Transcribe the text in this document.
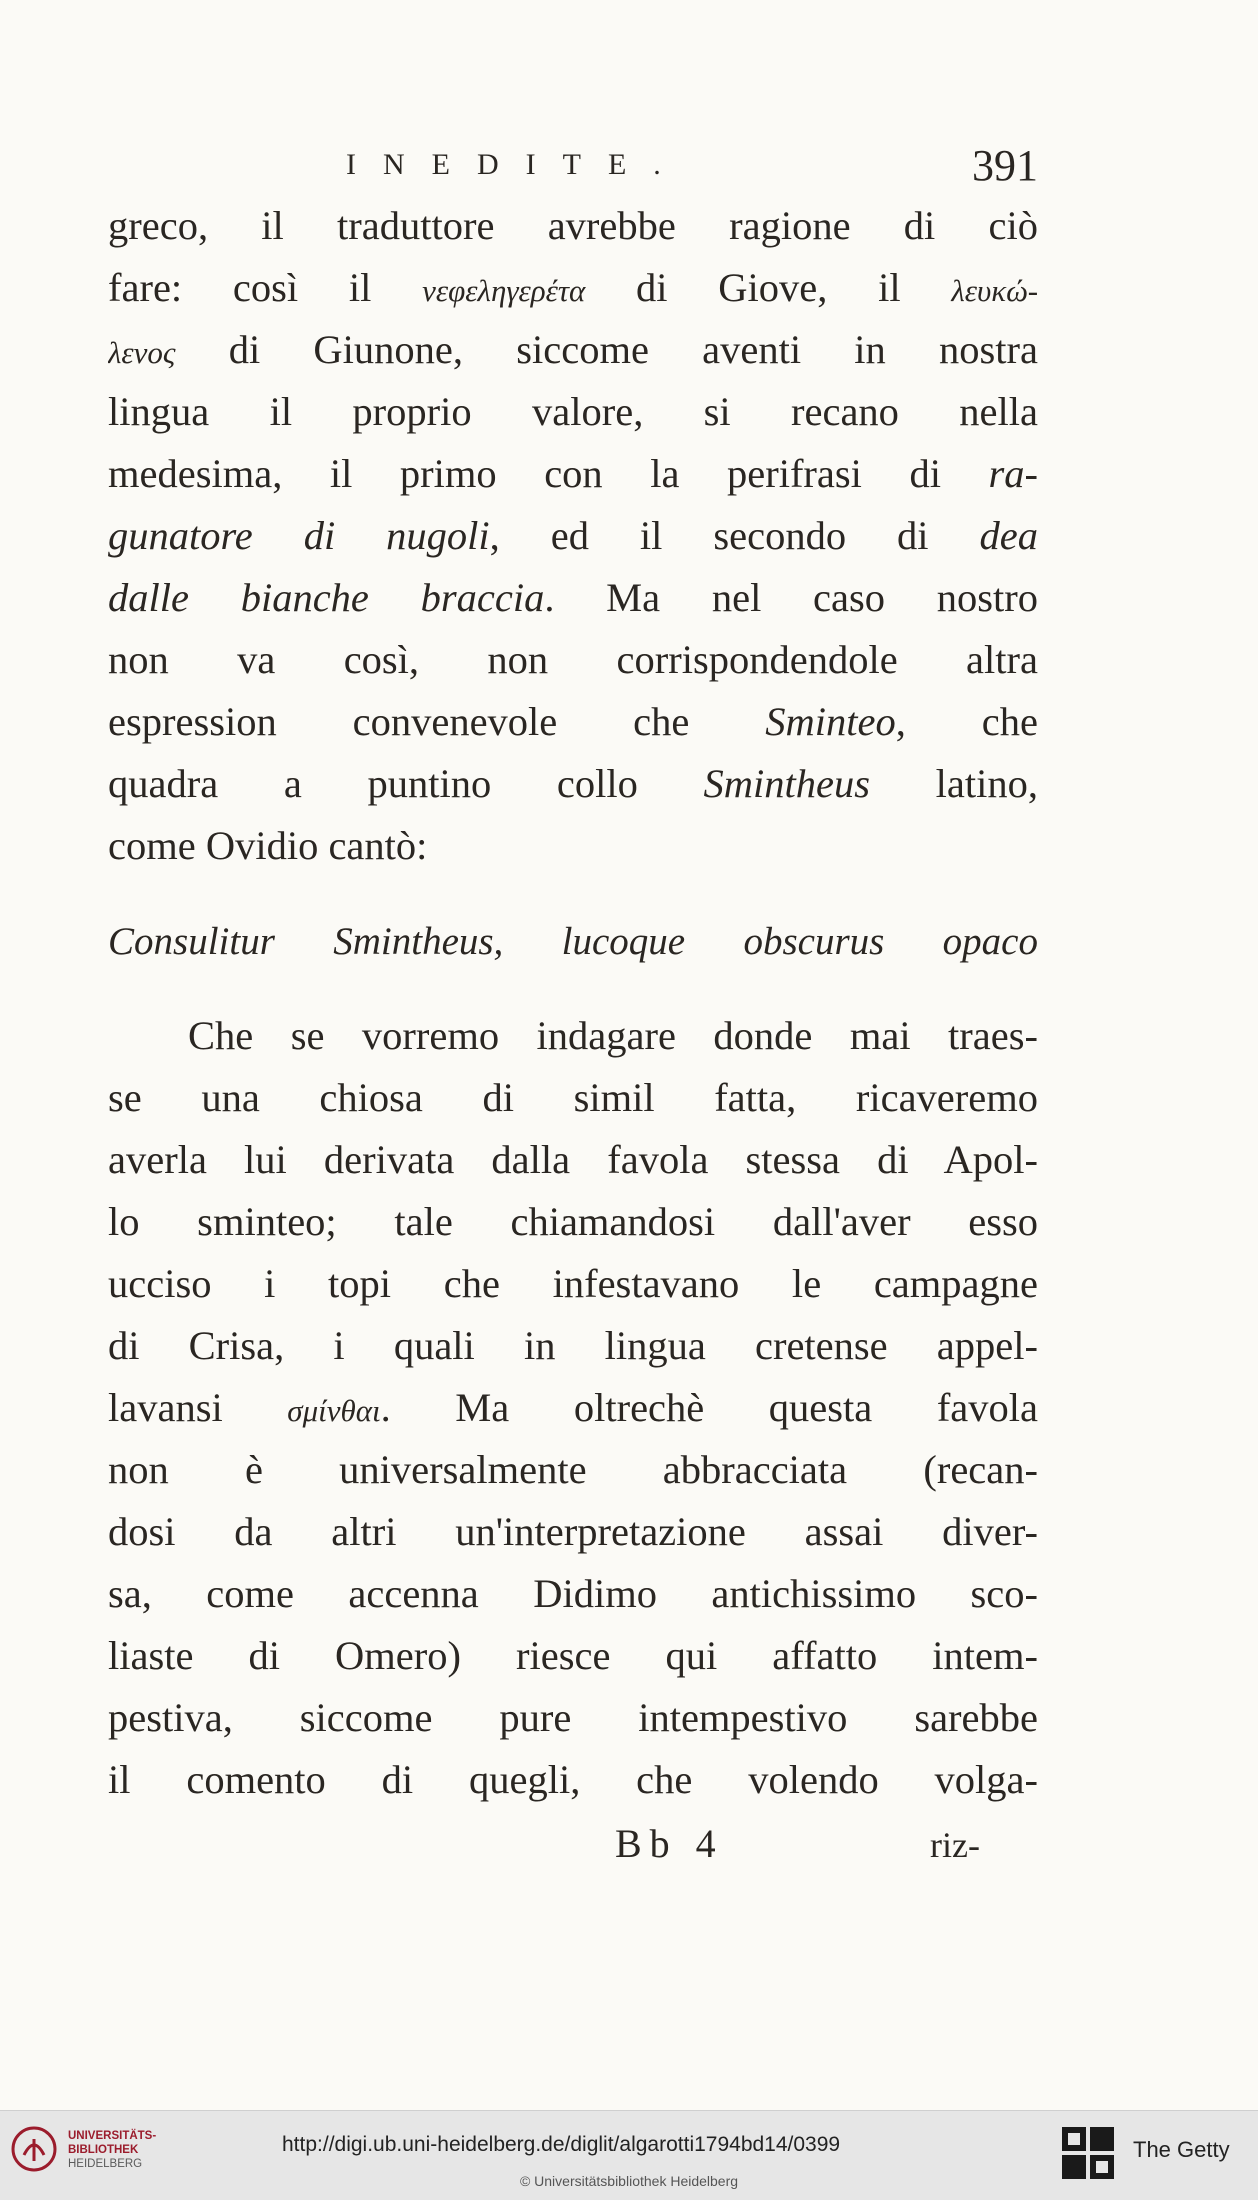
INEDITE.	391
greco, il traduttore avrebbe ragione di ciò
fare: così il νεφεληγερέτα di Giove, il λευκώ-
λενος di Giunone, siccome aventi in nostra
lingua il proprio valore, si recano nella
medesima, il primo con la perifrasi di ra-
gunatore di nugoli, ed il secondo di dea
dalle bianche braccia. Ma nel caso nostro
non va così, non corrispondendole altra
espression convenevole che Sminteo, che
quadra a puntino collo Smintheus latino,
come Ovidio cantò:
Consulitur Smintheus, lucoque obscurus opaco
Che se vorremo indagare donde mai traes-
se una chiosa di simil fatta, ricaveremo
averla lui derivata dalla favola stessa di Apol-
lo sminteo; tale chiamandosi dall'aver esso
ucciso i topi che infestavano le campagne
di Crisa, i quali in lingua cretense appel-
lavansi σμίνθαι. Ma oltrechè questa favola
non è universalmente abbracciata (recan-
dosi da altri un'interpretazione assai diver-
sa, come accenna Didimo antichissimo sco-
liaste di Omero) riesce qui affatto intem-
pestiva, siccome pure intempestivo sarebbe
il comento di quegli, che volendo volga-
Bb 4	riz-
UNIVERSITÄTS-
BIBLIOTHEK
HEIDELBERG
http://digi.ub.uni-heidelberg.de/diglit/algarotti1794bd14/0399
© Universitätsbibliothek Heidelberg
The Getty
